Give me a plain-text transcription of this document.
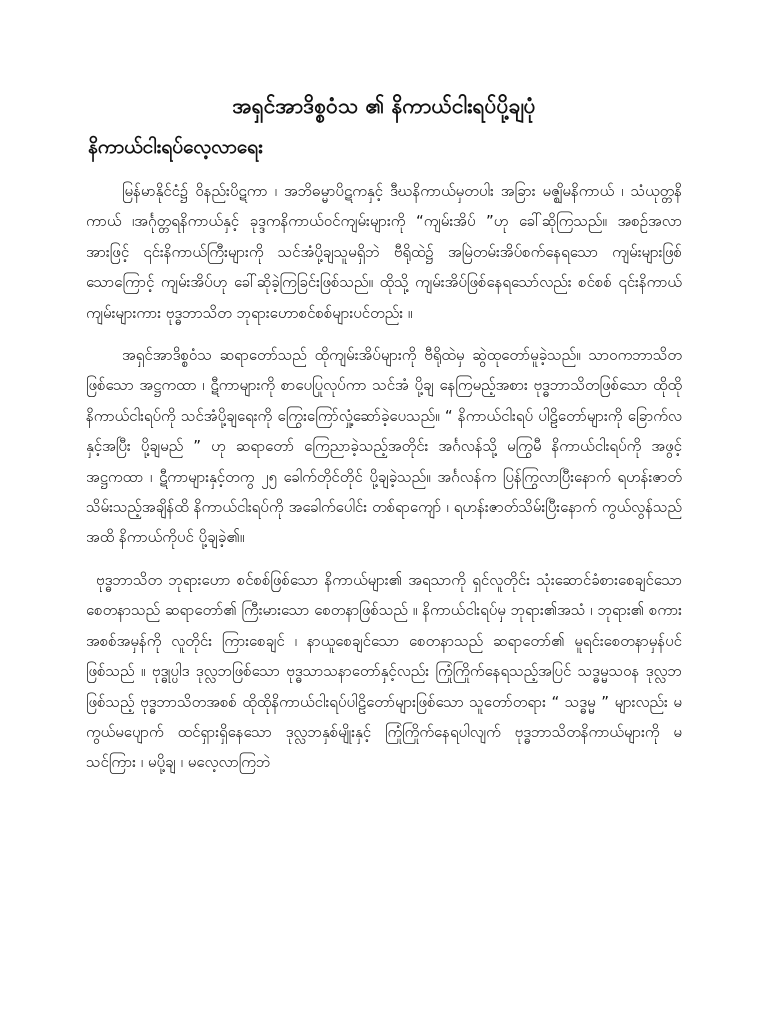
အရှင်အာဒိစ္စဝံသ ၏ နိကာယ်ငါးရပ်ပို့ချပုံ
နိကာယ်ငါးရပ်လေ့လာရေး

မြန်မာနိုင်ငံ၌ ဝိနည်းပိဋကာ ၊ အဘိဓမ္မာပိဋကနှင့် ဒီဃနိကာယ်မှတပါး အခြား မဇ္ဈိမနိကာယ် ၊ သံယုတ္တနိကာယ် ၊အင်္ဂုတ္တရနိကာယ်နှင့် ခုဒ္ဒကနိကာယ်ဝင်ကျမ်းများကို “ကျမ်းအိပ် ”ဟု ခေါ်ဆိုကြသည်။ အစဉ်အလာအားဖြင့် ၎င်းနိကာယ်ကြီးများကို သင်အံပို့ချသူမရှိဘဲ ဗီရိုထဲ၌ အမြဲတမ်းအိပ်စက်နေရသော ကျမ်းများဖြစ်သောကြောင့် ကျမ်းအိပ်ဟု ခေါ်ဆိုခဲ့ကြခြင်းဖြစ်သည်။ ထိုသို့ ကျမ်းအိပ်ဖြစ်နေရသော်လည်း စင်စစ် ၎င်းနိကာယ်ကျမ်းများကား ဗုဒ္ဓဘာသိတ ဘုရားဟောစင်စစ်များပင်တည်း ။

အရှင်အာဒိစ္စဝံသ ဆရာတော်သည် ထိုကျမ်းအိပ်များကို ဗီရိုထဲမှ ဆွဲထုတော်မူခဲ့သည်။ သာဝကဘာသိတဖြစ်သော အဋ္ဌကထာ ၊ ဋီကာများကို စာပေပြုလုပ်ကာ သင်အံ ပို့ချ နေကြမည့်အစား ဗုဒ္ဓဘာသိတဖြစ်သော ထိုထိုနိကာယ်ငါးရပ်ကို သင်အံပို့ချရေးကို ကြွေးကြော်လှုံ့ဆော်ခဲ့ပေသည်။ “ နိကာယ်ငါးရပ် ပါဠိတော်များကို ခြောက်လနှင့်အပြီး ပို့ချမည် ” ဟု ဆရာတော် ကြေညာခဲ့သည့်အတိုင်း အင်္ဂလန်သို့ မကြွမီ နိကာယ်ငါးရပ်ကို အဖွင့်အဋ္ဌကထာ ၊ ဋီကာများနှင့်တကွ ၂၅ ခေါက်တိုင်တိုင် ပို့ချခဲ့သည်။ အင်္ဂလန်က ပြန်ကြွလာပြီးနောက် ရဟန်းဇာတ်သိမ်းသည့်အချိန်ထိ နိကာယ်ငါးရပ်ကို အခေါက်ပေါင်း တစ်ရာကျော် ၊ ရဟန်းဇာတ်သိမ်းပြီးနောက် ကွယ်လွန်သည်အထိ နိကာယ်ကိုပင် ပို့ချခဲ့၏။

ဗုဒ္ဓဘာသိတ ဘုရားဟော စင်စစ်ဖြစ်သော နိကာယ်များ၏ အရသာကို ရှင်လူတိုင်း သုံးဆောင်ခံစားစေချင်သော စေတနာသည် ဆရာတော်၏ ကြီးမားသော စေတနာဖြစ်သည် ။ နိကာယ်ငါးရပ်မှ ဘုရား၏အသံ ၊ ဘုရား၏ စကားအစစ်အမှန်ကို လူတိုင်း ကြားစေချင် ၊ နာယူစေချင်သော စေတနာသည် ဆရာတော်၏ မူရင်းစေတနာမှန်ပင်ဖြစ်သည် ။ ဗုဒ္ဓုပ္ပါဒ ဒုလ္လဘဖြစ်သော ဗုဒ္ဓသာသနာတော်နှင့်လည်း ကြုံကြိုက်နေရသည့်အပြင် သဒ္ဓမ္မသဝန ဒုလ္လဘဖြစ်သည့် ဗုဒ္ဓဘာသိတအစစ် ထိုထိုနိကာယ်ငါးရပ်ပါဠိတော်များဖြစ်သော သူတော်တရား “ သဒ္ဓမ္မ ” များလည်း မကွယ်မပျောက် ထင်ရှားရှိနေသော ဒုလ္လဘနှစ်မျိုးနှင့် ကြုံကြိုက်နေရပါလျက် ဗုဒ္ဓဘာသိတနိကာယ်များကို မသင်ကြား ၊ မပို့ချ ၊ မလေ့လာကြဘဲ
